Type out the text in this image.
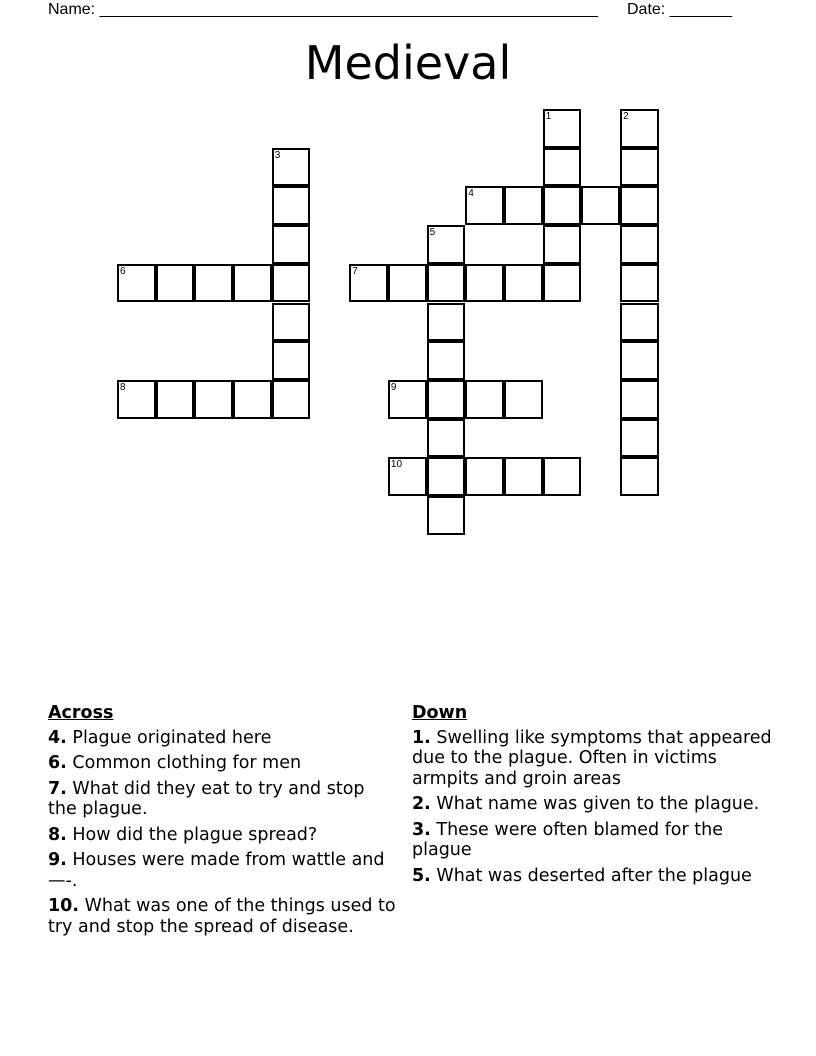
Name: ________________________________________________________ Date: _______
Medieval
1	2
3
4
5
6	7
8	9
10
Across
4. Plague originated here
6. Common clothing for men
7. What did they eat to try and stop the plague.
8. How did the plague spread?
9. Houses were made from wattle and —-.
10. What was one of the things used to try and stop the spread of disease.
Down
1. Swelling like symptoms that appeared due to the plague. Often in victims armpits and groin areas
2. What name was given to the plague.
3. These were often blamed for the plague
5. What was deserted after the plague
